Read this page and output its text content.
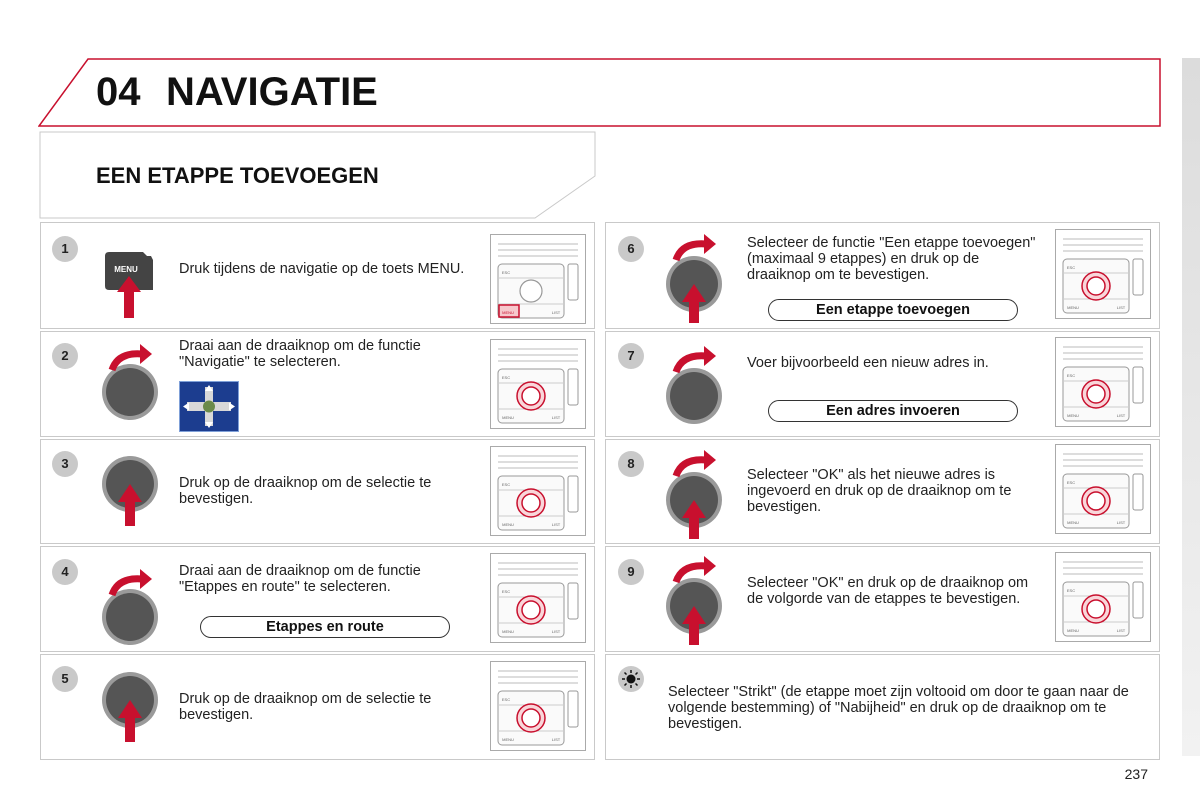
04 NAVIGATIE
EEN ETAPPE TOEVOEGEN
1
2
3
4
5
6
7
8
9
MENU	Druk tijdens de navigatie op de toets MENU.
Draai aan de draaiknop om de functie "Navigatie" te selecteren.
Druk op de draaiknop om de selectie te bevestigen.
Draai aan de draaiknop om de functie "Etappes en route" te selecteren.
Druk op de draaiknop om de selectie te bevestigen.
Selecteer de functie "Een etappe toevoegen" (maximaal 9 etappes) en druk op de draaiknop om te bevestigen.
Voer bijvoorbeeld een nieuw adres in.
Selecteer "OK" als het nieuwe adres is ingevoerd en druk op de draaiknop om te bevestigen.
Selecteer "OK" en druk op de draaiknop om de volgorde van de etappes te bevestigen.
Selecteer "Strikt" (de etappe moet zijn voltooid om door te gaan naar de volgende bestemming) of "Nabijheid" en druk op de draaiknop om te bevestigen.
Etappes en route
Een etappe toevoegen
Een adres invoeren
ESC
LIST
MENU
ESC
LIST
MENU
ESC
LIST
MENU
ESC
LIST
MENU
ESC
LIST
MENU
ESC
LIST
MENU
ESC
LIST
MENU
ESC
LIST
MENU
ESC
LIST
MENU
237
